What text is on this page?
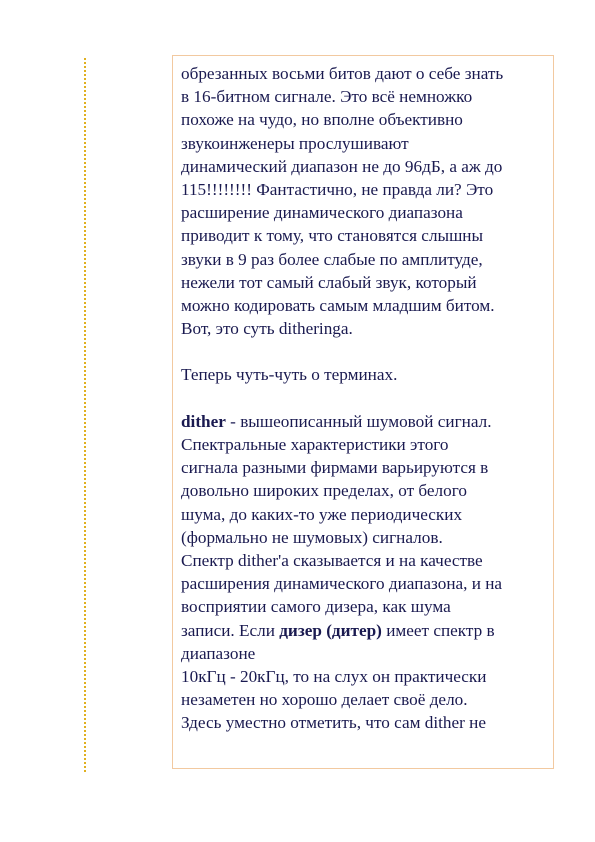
обрезанных восьми битов дают о себе знать
в 16-битном сигнале. Это всё немножко
похоже на чудо, но вполне объективно
звукоинженеры прослушивают
динамический диапазон не до 96дБ, а аж до
115!!!!!!!! Фантастично, не правда ли? Это
расширение динамического диапазона
приводит к тому, что становятся слышны
звуки в 9 раз более слабые по амплитуде,
нежели тот самый слабый звук, который
можно кодировать самым младшим битом.
Вот, это суть ditheringa.
Теперь чуть-чуть о терминах.
dither - вышеописанный шумовой сигнал.
Спектральные характеристики этого
сигнала разными фирмами варьируются в
довольно широких пределах, от белого
шума, до каких-то уже периодических
(формально не шумовых) сигналов.
Спектр dither'а сказывается и на качестве
расширения динамического диапазона, и на
восприятии самого дизера, как шума
записи. Если дизер (дитер) имеет спектр в
диапазоне
10кГц - 20кГц, то на слух он практически
незаметен но хорошо делает своё дело.
Здесь уместно отметить, что сам dither не
